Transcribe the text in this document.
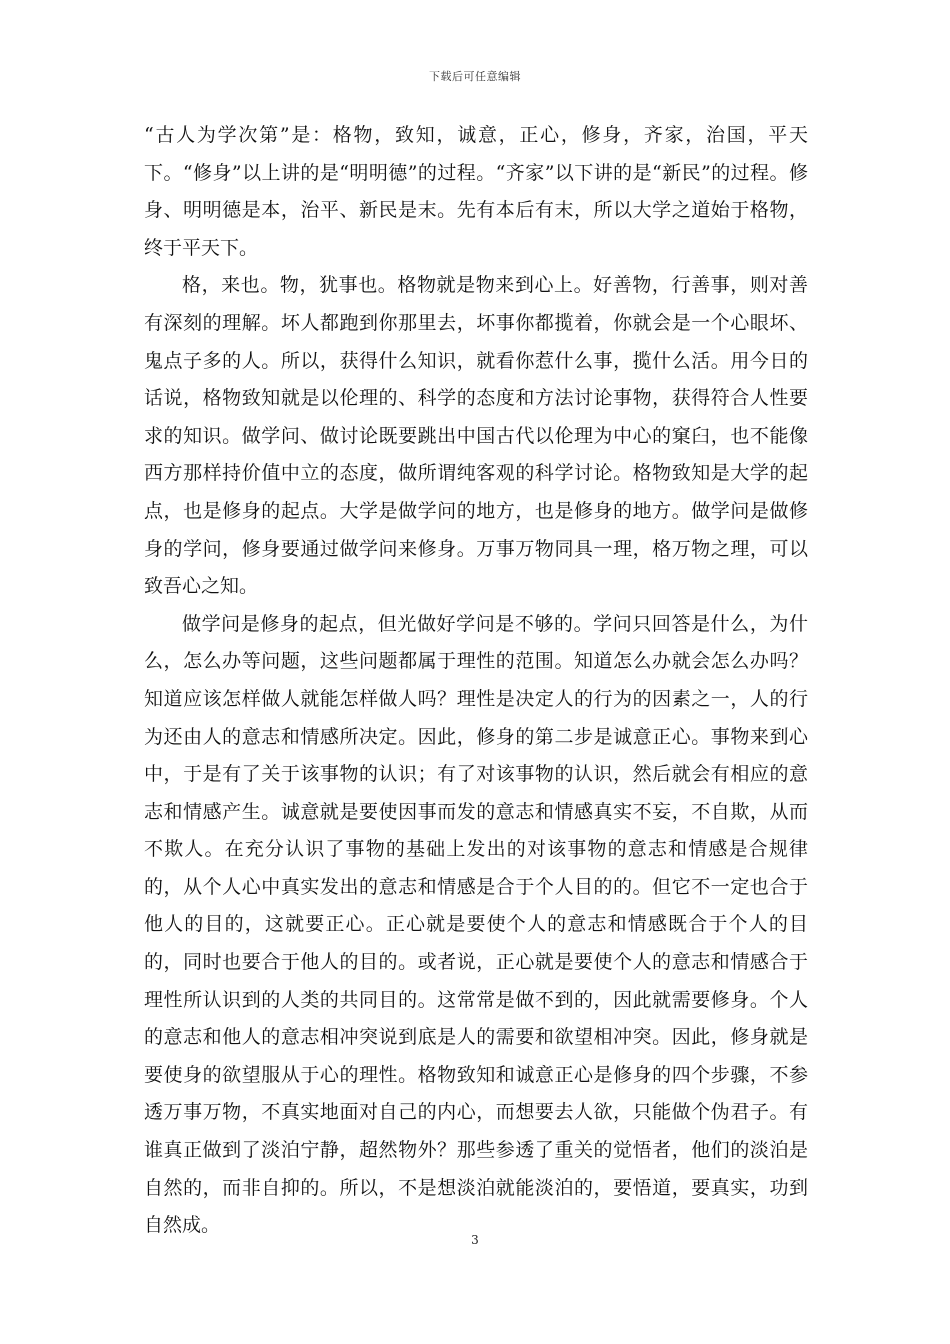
下载后可任意编辑

“古人为学次第”是：格物，致知，诚意，正心，修身，齐家，治国，平天下。“修身”以上讲的是“明明德”的过程。“齐家”以下讲的是“新民”的过程。修身、明明德是本，治平、新民是末。先有本后有末，所以大学之道始于格物，终于平天下。

格，来也。物，犹事也。格物就是物来到心上。好善物，行善事，则对善有深刻的理解。坏人都跑到你那里去，坏事你都揽着，你就会是一个心眼坏、鬼点子多的人。所以，获得什么知识，就看你惹什么事，揽什么活。用今日的话说，格物致知就是以伦理的、科学的态度和方法讨论事物，获得符合人性要求的知识。做学问、做讨论既要跳出中国古代以伦理为中心的窠臼，也不能像西方那样持价值中立的态度，做所谓纯客观的科学讨论。格物致知是大学的起点，也是修身的起点。大学是做学问的地方，也是修身的地方。做学问是做修身的学问，修身要通过做学问来修身。万事万物同具一理，格万物之理，可以致吾心之知。

做学问是修身的起点，但光做好学问是不够的。学问只回答是什么，为什么，怎么办等问题，这些问题都属于理性的范围。知道怎么办就会怎么办吗？知道应该怎样做人就能怎样做人吗？理性是决定人的行为的因素之一，人的行为还由人的意志和情感所决定。因此，修身的第二步是诚意正心。事物来到心中，于是有了关于该事物的认识；有了对该事物的认识，然后就会有相应的意志和情感产生。诚意就是要使因事而发的意志和情感真实不妄，不自欺，从而不欺人。在充分认识了事物的基础上发出的对该事物的意志和情感是合规律的，从个人心中真实发出的意志和情感是合于个人目的的。但它不一定也合于他人的目的，这就要正心。正心就是要使个人的意志和情感既合于个人的目的，同时也要合于他人的目的。或者说，正心就是要使个人的意志和情感合于理性所认识到的人类的共同目的。这常常是做不到的，因此就需要修身。个人的意志和他人的意志相冲突说到底是人的需要和欲望相冲突。因此，修身就是要使身的欲望服从于心的理性。格物致知和诚意正心是修身的四个步骤，不参透万事万物，不真实地面对自己的内心，而想要去人欲，只能做个伪君子。有谁真正做到了淡泊宁静，超然物外？那些参透了重关的觉悟者，他们的淡泊是自然的，而非自抑的。所以，不是想淡泊就能淡泊的，要悟道，要真实，功到自然成。

3
